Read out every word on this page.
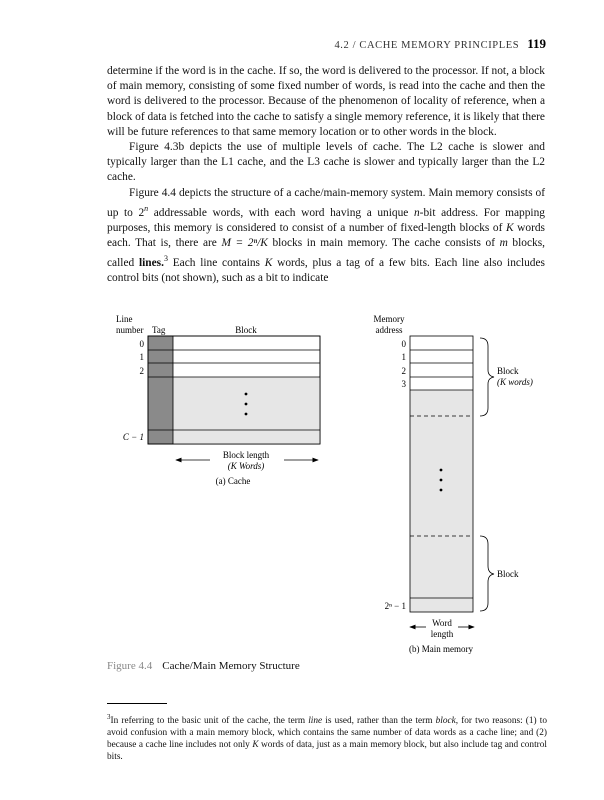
4.2 / CACHE MEMORY PRINCIPLES 119

determine if the word is in the cache. If so, the word is delivered to the processor. If not, a block of main memory, consisting of some fixed number of words, is read into the cache and then the word is delivered to the processor. Because of the phenomenon of locality of reference, when a block of data is fetched into the cache to satisfy a single memory reference, it is likely that there will be future references to that same memory location or to other words in the block.

Figure 4.3b depicts the use of multiple levels of cache. The L2 cache is slower and typically larger than the L1 cache, and the L3 cache is slower and typically larger than the L2 cache.

Figure 4.4 depicts the structure of a cache/main-memory system. Main memory consists of up to 2$^n$ addressable words, with each word having a unique n-bit address. For mapping purposes, this memory is considered to consist of a number of fixed-length blocks of K words each. That is, there are M = 2ⁿ/K blocks in main memory. The cache consists of m blocks, called lines.$^3$ Each line contains K words, plus a tag of a few bits. Each line also includes control bits (not shown), such as a bit to indicate

Line
number Tag	Block
0
1
2
C − 1
Block length
(K Words)
(a) Cache
Memory
address
0
1
2
3
2ⁿ − 1
Block
(K words)
Block
Word
length
(b) Main memory
Figure 4.4 Cache/Main Memory Structure
$^3$In referring to the basic unit of the cache, the term line is used, rather than the term block, for two reasons: (1) to avoid confusion with a main memory block, which contains the same number of data words as a cache line; and (2) because a cache line includes not only K words of data, just as a main memory block, but also include tag and control bits.
